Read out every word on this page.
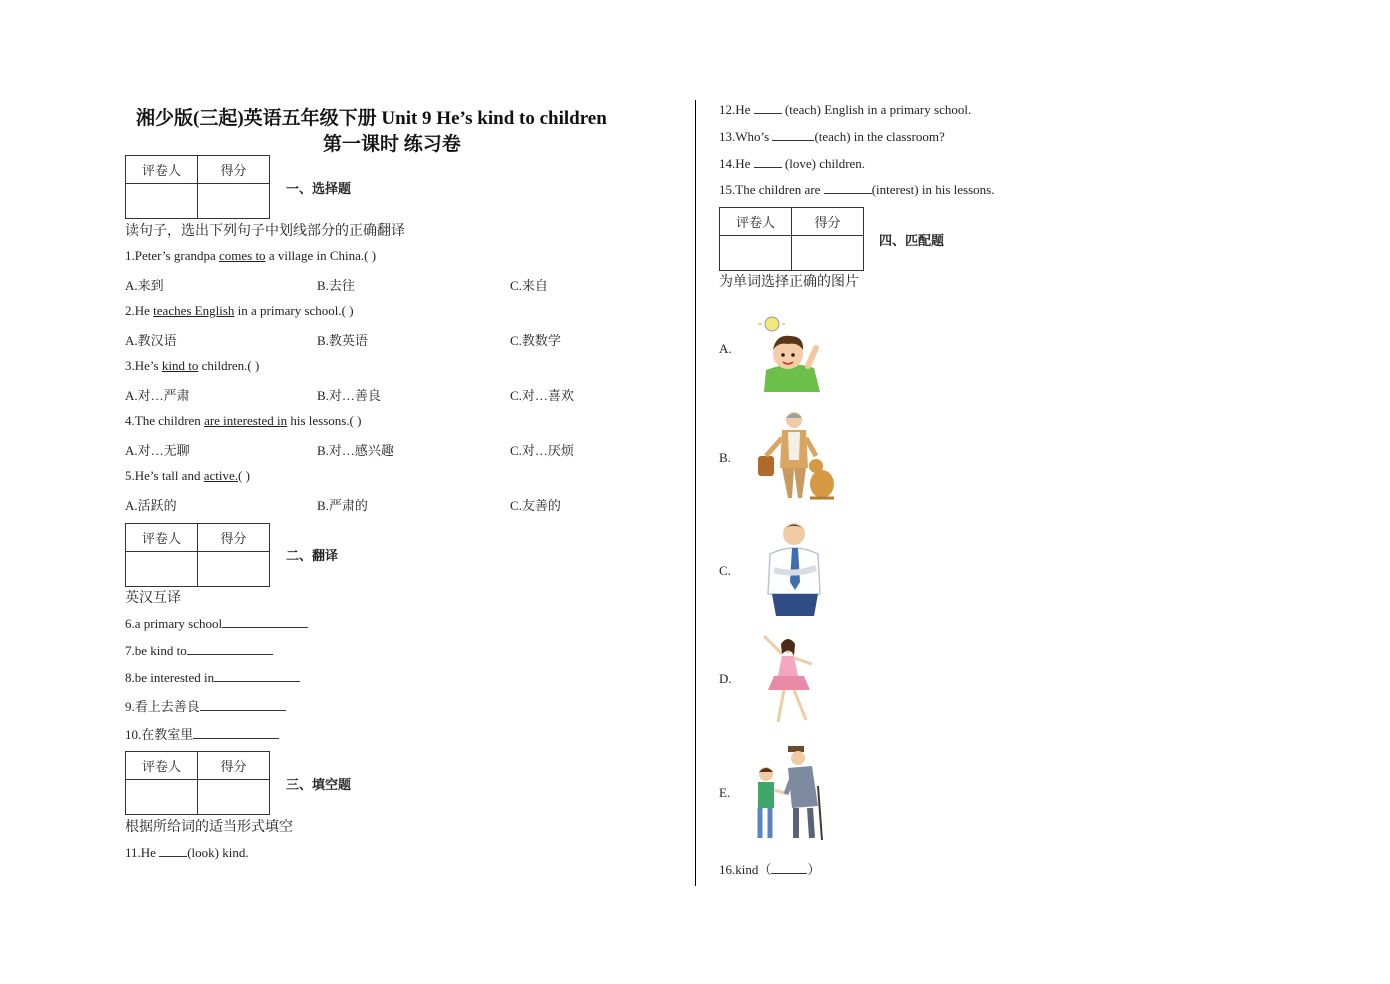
湘少版(三起)英语五年级下册 Unit 9 He’s kind to children
第一课时 练习卷
评卷人	得分

一、选择题
读句子，选出下列句子中划线部分的正确翻译
1.Peter’s grandpa comes to a village in China.( )
A.来到	B.去往	C.来自
2.He teaches English in a primary school.( )
A.教汉语	B.教英语	C.教数学
3.He’s kind to children.( )
A.对…严肃	B.对…善良	C.对…喜欢
4.The children are interested in his lessons.( )
A.对…无聊	B.对…感兴趣	C.对…厌烦
5.He’s tall and active.( )
A.活跃的	B.严肃的	C.友善的
评卷人	得分

二、翻译
英汉互译
6.a primary school
7.be kind to
8.be interested in
9.看上去善良
10.在教室里
评卷人	得分

三、填空题
根据所给词的适当形式填空
11.He (look) kind.
12.He  (teach) English in a primary school.
13.Who’s	(teach) in the classroom?
14.He  (love) children.
15.The children are	(interest) in his lessons.
评卷人	得分

四、匹配题
为单词选择正确的图片
A.
B.
C.
D.
E.
16.kind（	）
